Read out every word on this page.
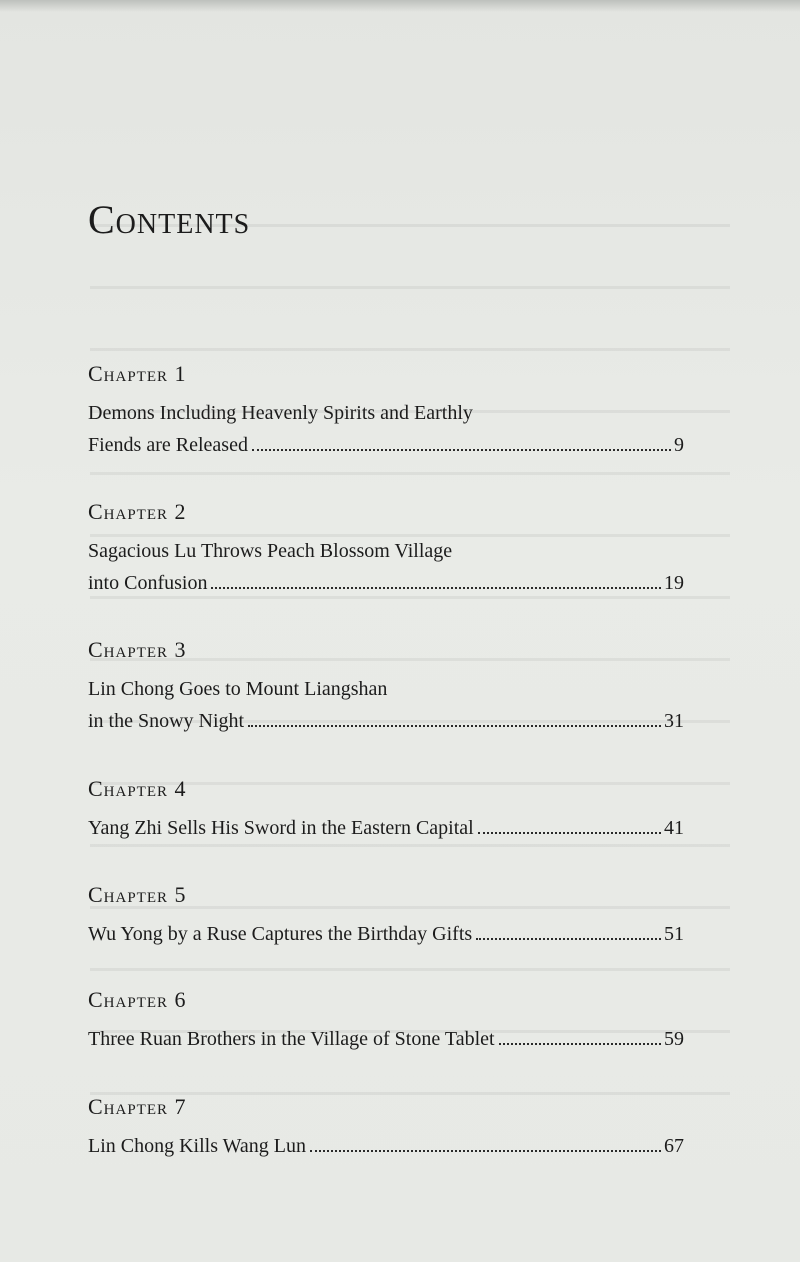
Contents
Chapter 1
Demons Including Heavenly Spirits and Earthly
Fiends are Released	9
Chapter 2
Sagacious Lu Throws Peach Blossom Village
into Confusion	19
Chapter 3
Lin Chong Goes to Mount Liangshan
in the Snowy Night	31
Chapter 4
Yang Zhi Sells His Sword in the Eastern Capital	41
Chapter 5
Wu Yong by a Ruse Captures the Birthday Gifts	51
Chapter 6
Three Ruan Brothers in the Village of Stone Tablet	59
Chapter 7
Lin Chong Kills Wang Lun	67
